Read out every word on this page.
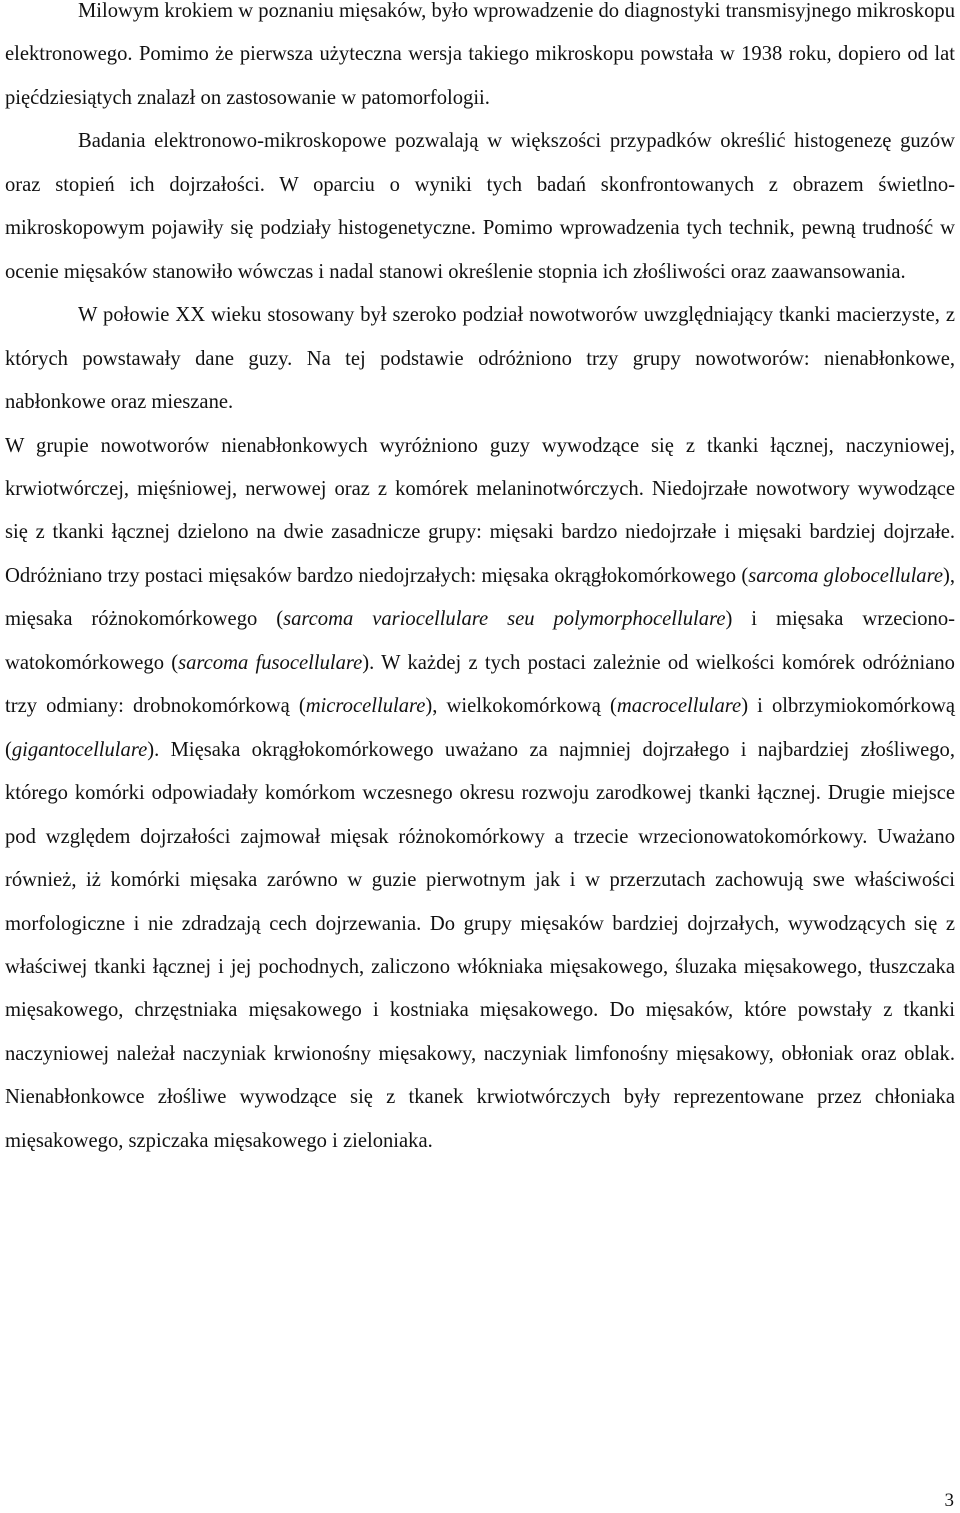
Milowym krokiem w poznaniu mięsaków, było wprowadzenie do diagnostyki transmisyjnego mikroskopu elektronowego. Pomimo że pierwsza użyteczna wersja takiego mikroskopu powstała w 1938 roku, dopiero od lat pięćdziesiątych znalazł on zastosowanie w patomorfologii.

Badania elektronowo-mikroskopowe pozwalają w większości przypadków określić histogenezę guzów oraz stopień ich dojrzałości. W oparciu o wyniki tych badań skonfrontowanych z obrazem świetlno-mikroskopowym pojawiły się podziały histogenetyczne. Pomimo wprowadzenia tych technik, pewną trudność w ocenie mięsaków stanowiło wówczas i nadal stanowi określenie stopnia ich złośliwości oraz zaawansowania.

W połowie XX wieku stosowany był szeroko podział nowotworów uwzględniający tkanki macierzyste, z których powstawały dane guzy. Na tej podstawie odróżniono trzy grupy nowotworów: nienabłonkowe, nabłonkowe oraz mieszane.

W grupie nowotworów nienabłonkowych wyróżniono guzy wywodzące się z tkanki łącznej, naczyniowej, krwiotwórczej, mięśniowej, nerwowej oraz z komórek melaninotwórczych. Niedojrzałe nowotwory wywodzące się z tkanki łącznej dzielono na dwie zasadnicze grupy: mięsaki bardzo niedojrzałe i mięsaki bardziej dojrzałe. Odróżniano trzy postaci mięsaków bardzo niedojrzałych: mięsaka okrągłokomórkowego (sarcoma globocellulare), mięsaka różnokomórkowego (sarcoma variocellulare seu polymorphocellulare) i mięsaka wrzecionowatokomórkowego (sarcoma fusocellulare). W każdej z tych postaci zależnie od wielkości komórek odróżniano trzy odmiany: drobnokomórkową (microcellulare), wielkokomórkową (macrocellulare) i olbrzymiokomórkową (gigantocellulare). Mięsaka okrągłokomórkowego uważano za najmniej dojrzałego i najbardziej złośliwego, którego komórki odpowiadały komórkom wczesnego okresu rozwoju zarodkowej tkanki łącznej. Drugie miejsce pod względem dojrzałości zajmował mięsak różnokomórkowy a trzecie wrzecionowatokomórkowy. Uważano również, iż komórki mięsaka zarówno w guzie pierwotnym jak i w przerzutach zachowują swe właściwości morfologiczne i nie zdradzają cech dojrzewania. Do grupy mięsaków bardziej dojrzałych, wywodzących się z właściwej tkanki łącznej i jej pochodnych, zaliczono włókniaka mięsakowego, śluzaka mięsakowego, tłuszczaka mięsakowego, chrzęstniaka mięsakowego i kostniaka mięsakowego. Do mięsaków, które powstały z tkanki naczyniowej należał naczyniak krwionośny mięsakowy, naczyniak limfonośny mięsakowy, obłoniak oraz oblak. Nienabłonkowce złośliwe wywodzące się z tkanek krwiotwórczych były reprezentowane przez chłoniaka mięsakowego, szpiczaka mięsakowego i zieloniaka.

3
